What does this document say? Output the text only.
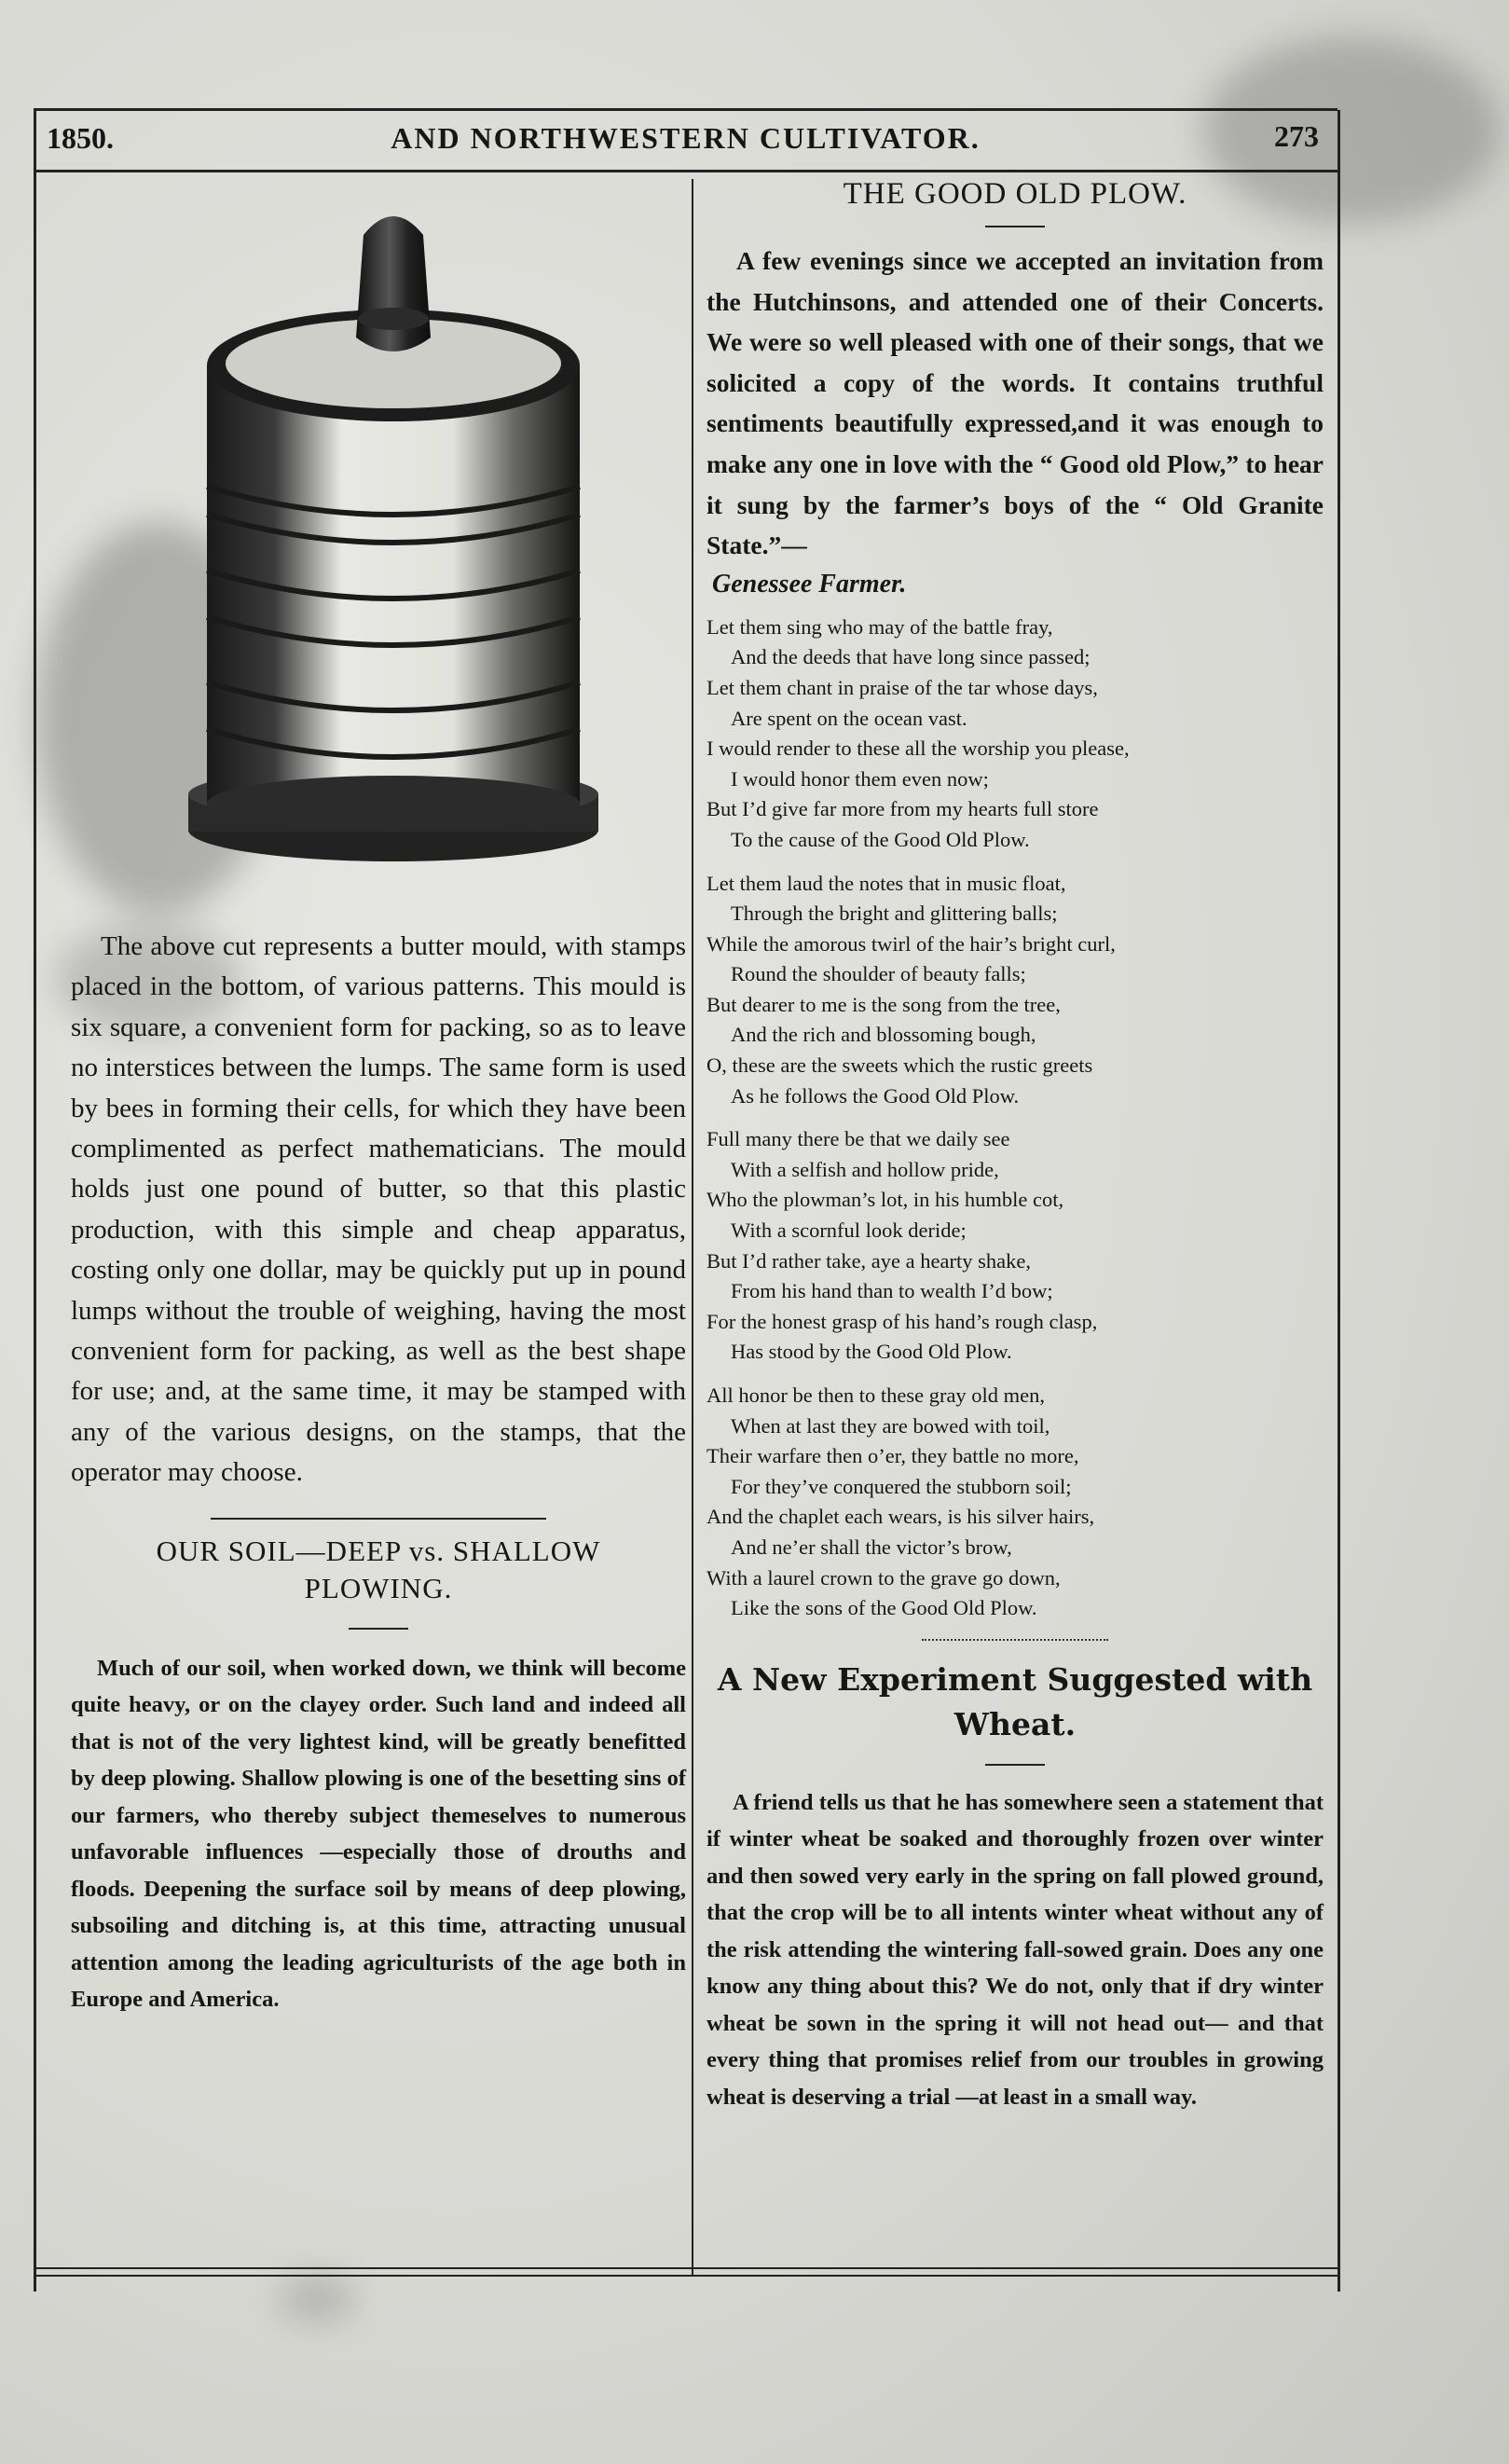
1850.	AND NORTHWESTERN CULTIVATOR.	273

The above cut represents a butter mould, with stamps placed in the bottom, of various patterns. This mould is six square, a convenient form for packing, so as to leave no interstices between the lumps. The same form is used by bees in forming their cells, for which they have been complimented as perfect mathematicians. The mould holds just one pound of butter, so that this plastic production, with this simple and cheap apparatus, costing only one dollar, may be quickly put up in pound lumps without the trouble of weighing, having the most convenient form for packing, as well as the best shape for use; and, at the same time, it may be stamped with any of the various designs, on the stamps, that the operator may choose.

OUR SOIL—DEEP vs. SHALLOW PLOWING.

Much of our soil, when worked down, we think will become quite heavy, or on the clayey order. Such land and indeed all that is not of the very lightest kind, will be greatly benefitted by deep plowing. Shallow plowing is one of the besetting sins of our farmers, who thereby subject themeselves to numerous unfavorable influences —especially those of drouths and floods. Deepening the surface soil by means of deep plowing, subsoiling and ditching is, at this time, attracting unusual attention among the leading agriculturists of the age both in Europe and America.

THE GOOD OLD PLOW.

A few evenings since we accepted an invitation from the Hutchinsons, and attended one of their Concerts. We were so well pleased with one of their songs, that we solicited a copy of the words. It contains truthful sentiments beautifully expressed,and it was enough to make any one in love with the “ Good old Plow,” to hear it sung by the farmer’s boys of the “ Old Granite State.”—

Genessee Farmer.
Let them sing who may of the battle fray,
And the deeds that have long since passed;
Let them chant in praise of the tar whose days,
Are spent on the ocean vast.
I would render to these all the worship you please,
I would honor them even now;
But I’d give far more from my hearts full store
To the cause of the Good Old Plow.
Let them laud the notes that in music float,
Through the bright and glittering balls;
While the amorous twirl of the hair’s bright curl,
Round the shoulder of beauty falls;
But dearer to me is the song from the tree,
And the rich and blossoming bough,
O, these are the sweets which the rustic greets
As he follows the Good Old Plow.
Full many there be that we daily see
With a selfish and hollow pride,
Who the plowman’s lot, in his humble cot,
With a scornful look deride;
But I’d rather take, aye a hearty shake,
From his hand than to wealth I’d bow;
For the honest grasp of his hand’s rough clasp,
Has stood by the Good Old Plow.
All honor be then to these gray old men,
When at last they are bowed with toil,
Their warfare then o’er, they battle no more,
For they’ve conquered the stubborn soil;
And the chaplet each wears, is his silver hairs,
And ne’er shall the victor’s brow,
With a laurel crown to the grave go down,
Like the sons of the Good Old Plow.
A New Experiment Suggested with Wheat.

A friend tells us that he has somewhere seen a statement that if winter wheat be soaked and thoroughly frozen over winter and then sowed very early in the spring on fall plowed ground, that the crop will be to all intents winter wheat without any of the risk attending the wintering fall-sowed grain. Does any one know any thing about this? We do not, only that if dry winter wheat be sown in the spring it will not head out— and that every thing that promises relief from our troubles in growing wheat is deserving a trial —at least in a small way.
